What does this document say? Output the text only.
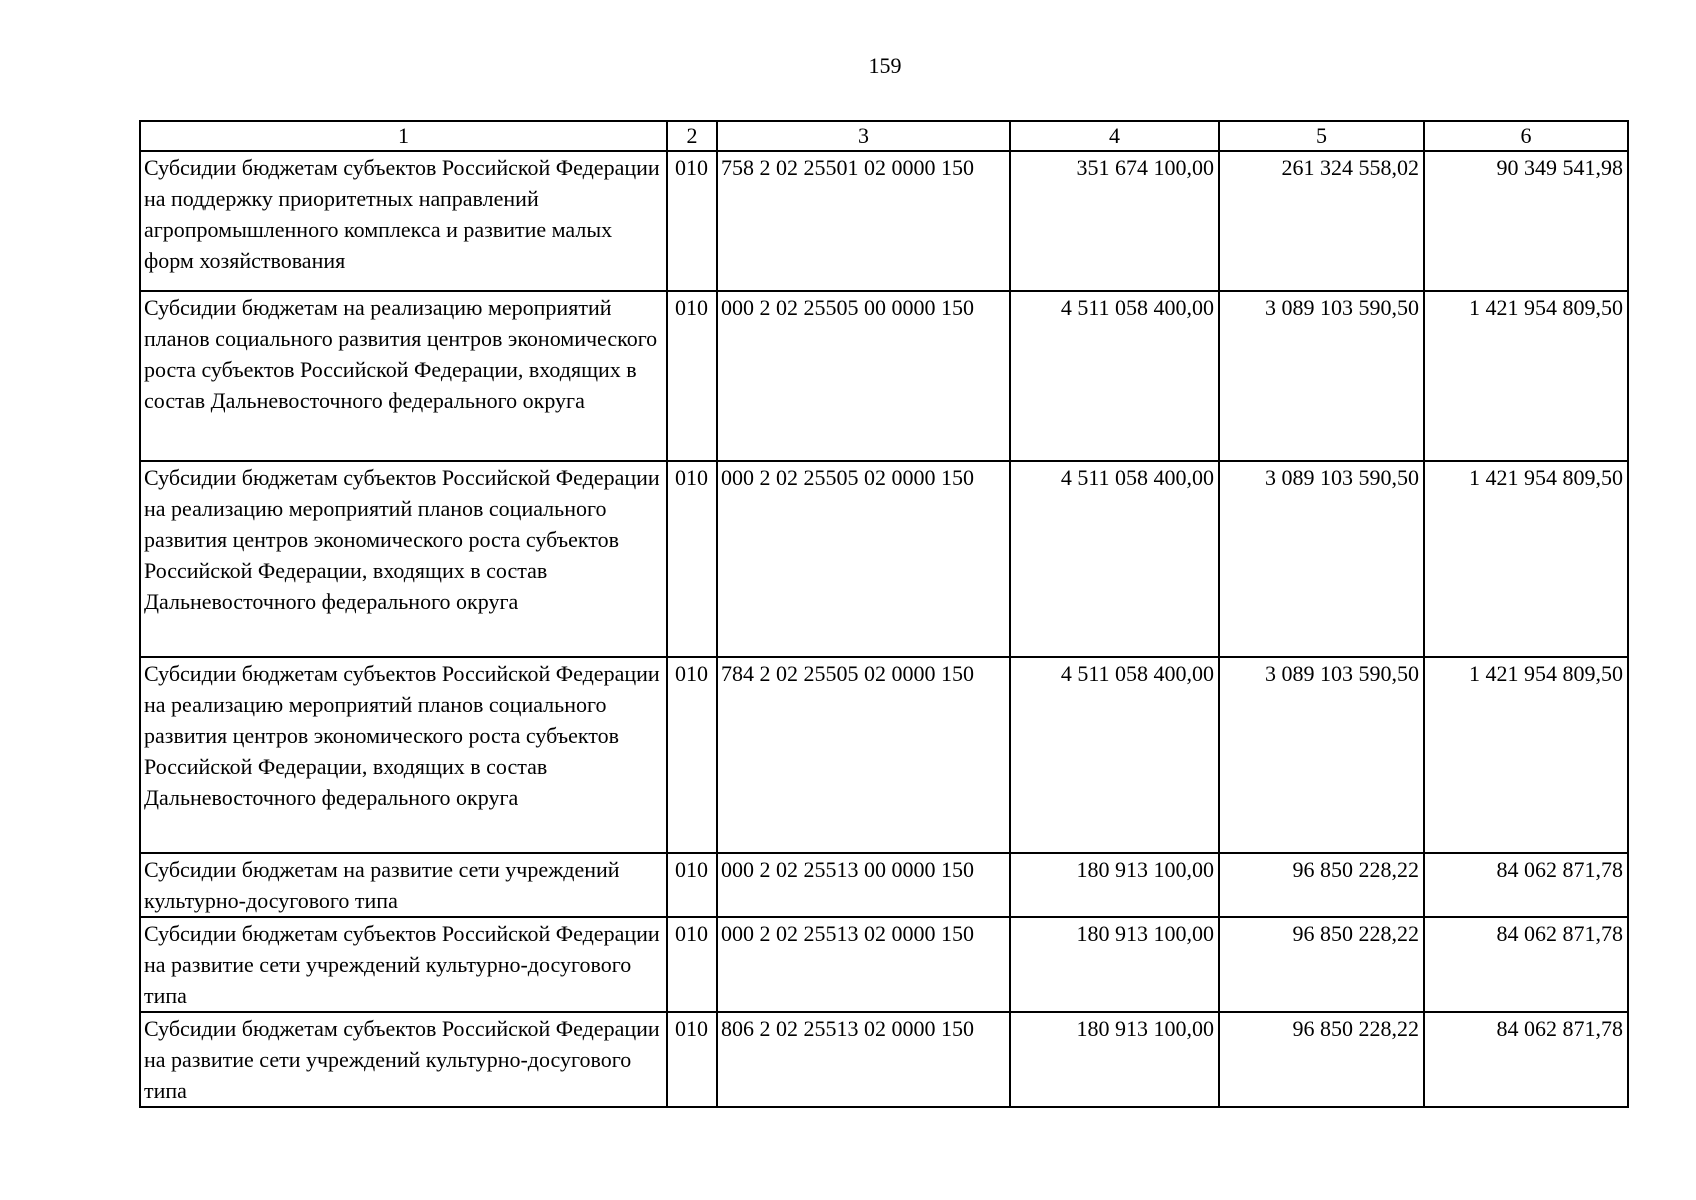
159
1	2	3	4	5	6
Субсидии бюджетам субъектов Российской Федерации на поддержку приоритетных направлений агропромышленного комплекса и развитие малых форм хозяйствования	010	758 2 02 25501 02 0000 150	351 674 100,00	261 324 558,02	90 349 541,98
Субсидии бюджетам на реализацию мероприятий планов социального развития центров экономического роста субъектов Российской Федерации, входящих в состав Дальневосточного федерального округа	010	000 2 02 25505 00 0000 150	4 511 058 400,00	3 089 103 590,50	1 421 954 809,50
Субсидии бюджетам субъектов Российской Федерации на реализацию мероприятий планов социального развития центров экономического роста субъектов Российской Федерации, входящих в состав Дальневосточного федерального округа	010	000 2 02 25505 02 0000 150	4 511 058 400,00	3 089 103 590,50	1 421 954 809,50
Субсидии бюджетам субъектов Российской Федерации на реализацию мероприятий планов социального развития центров экономического роста субъектов Российской Федерации, входящих в состав Дальневосточного федерального округа	010	784 2 02 25505 02 0000 150	4 511 058 400,00	3 089 103 590,50	1 421 954 809,50
Субсидии бюджетам на развитие сети учреждений культурно-досугового типа	010	000 2 02 25513 00 0000 150	180 913 100,00	96 850 228,22	84 062 871,78
Субсидии бюджетам субъектов Российской Федерации на развитие сети учреждений культурно-досугового типа	010	000 2 02 25513 02 0000 150	180 913 100,00	96 850 228,22	84 062 871,78
Субсидии бюджетам субъектов Российской Федерации на развитие сети учреждений культурно-досугового типа	010	806 2 02 25513 02 0000 150	180 913 100,00	96 850 228,22	84 062 871,78
